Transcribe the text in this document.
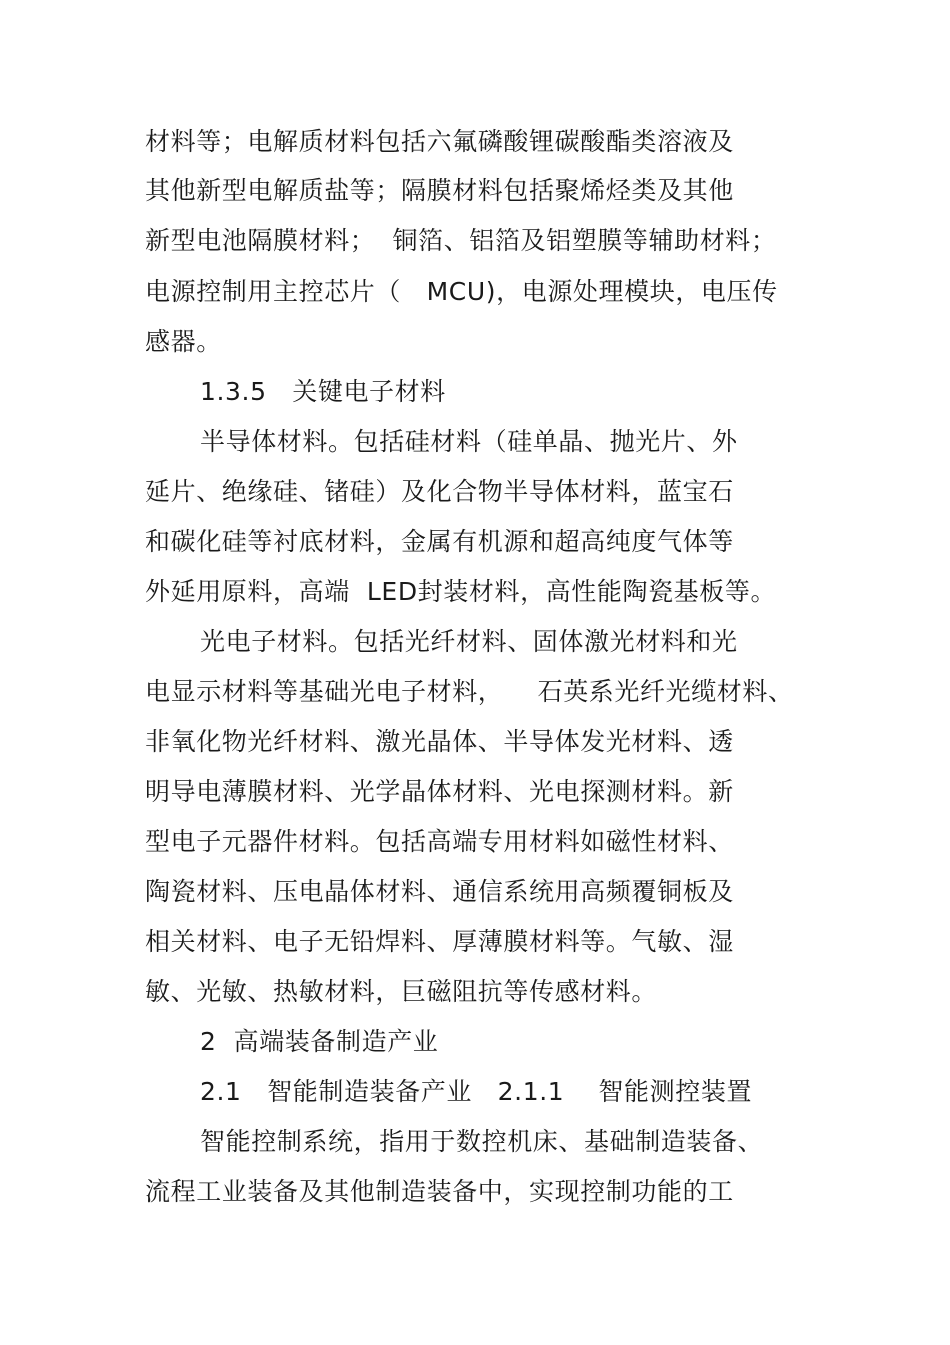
材料等；电解质材料包括六氟磷酸锂碳酸酯类溶液及
其他新型电解质盐等；隔膜材料包括聚烯烃类及其他
新型电池隔膜材料；  铜箔、铝箔及铝塑膜等辅助材料；
电源控制用主控芯片（   MCU)，电源处理模块，电压传
感器。
1.3.5   关键电子材料
半导体材料。包括硅材料（硅单晶、抛光片、外
延片、绝缘硅、锗硅）及化合物半导体材料，蓝宝石
和碳化硅等衬底材料，金属有机源和超高纯度气体等
外延用原料，高端  LED封装材料，高性能陶瓷基板等。
光电子材料。包括光纤材料、固体激光材料和光
电显示材料等基础光电子材料，    石英系光纤光缆材料、
非氧化物光纤材料、激光晶体、半导体发光材料、透
明导电薄膜材料、光学晶体材料、光电探测材料。新
型电子元器件材料。包括高端专用材料如磁性材料、
陶瓷材料、压电晶体材料、通信系统用高频覆铜板及
相关材料、电子无铅焊料、厚薄膜材料等。气敏、湿
敏、光敏、热敏材料，巨磁阻抗等传感材料。
2  高端装备制造产业
2.1   智能制造装备产业   2.1.1    智能测控装置
智能控制系统，指用于数控机床、基础制造装备、
流程工业装备及其他制造装备中，实现控制功能的工
